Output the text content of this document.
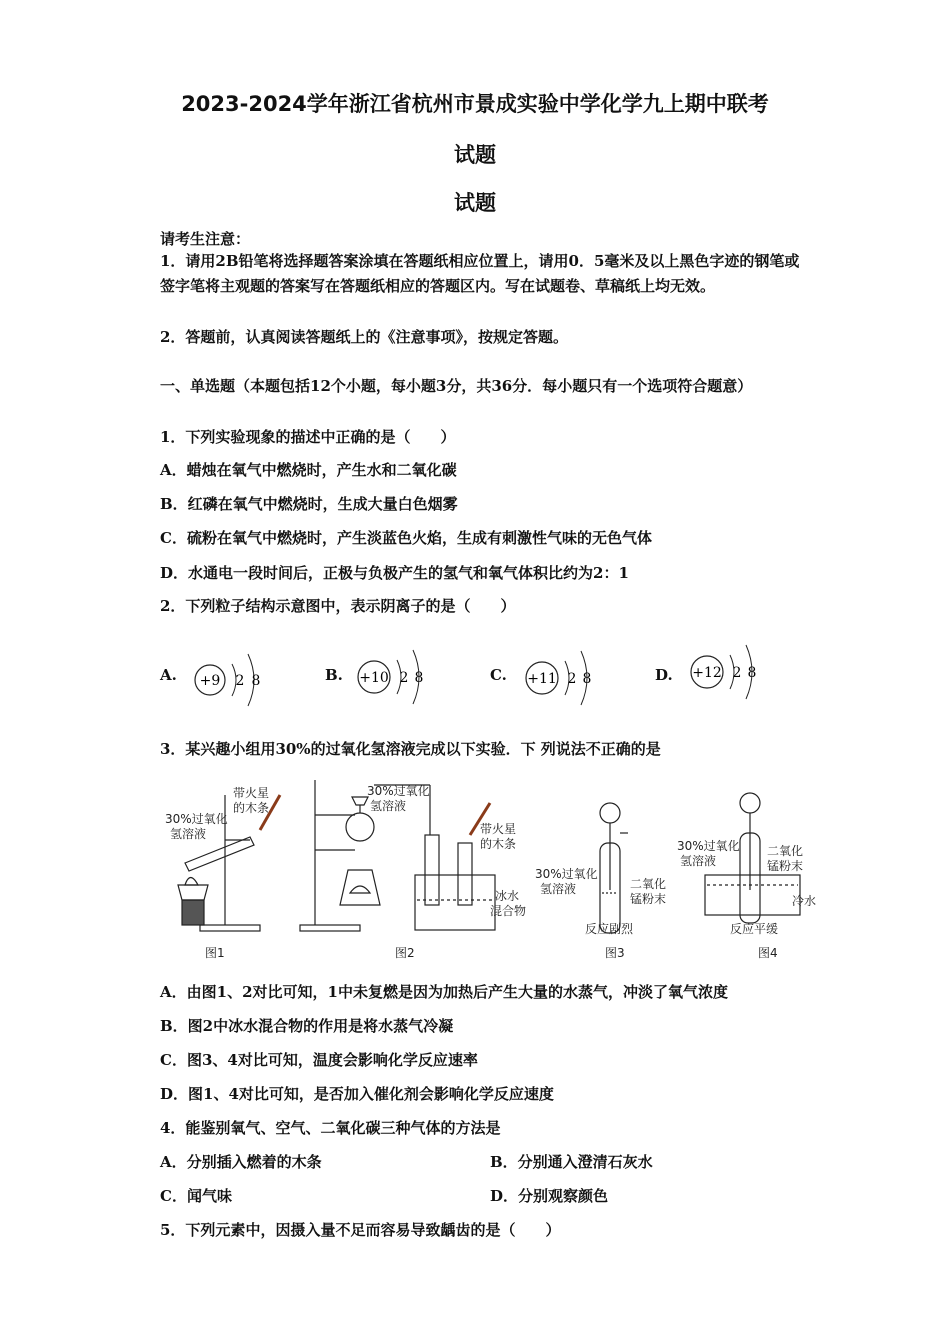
2023-2024学年浙江省杭州市景成实验中学化学九上期中联考
试题
试题
请考生注意：
1．请用2B铅笔将选择题答案涂填在答题纸相应位置上，请用0．5毫米及以上黑色字迹的钢笔或签字笔将主观题的答案写在答题纸相应的答题区内。写在试题卷、草稿纸上均无效。
2．答题前，认真阅读答题纸上的《注意事项》，按规定答题。
一、单选题（本题包括12个小题，每小题3分，共36分．每小题只有一个选项符合题意）
1．下列实验现象的描述中正确的是（　　）
A．蜡烛在氧气中燃烧时，产生水和二氧化碳
B．红磷在氧气中燃烧时，生成大量白色烟雾
C．硫粉在氧气中燃烧时，产生淡蓝色火焰，生成有刺激性气味的无色气体
D．水通电一段时间后，正极与负极产生的氢气和氧气体积比约为2：1
2．下列粒子结构示意图中，表示阴离子的是（　　）
A. +9 2 8	B. +10 2 8	C. +11 2 8	D. +12 2 8
3．某兴趣小组用30%的过氧化氢溶液完成以下实验．下 列说法不正确的是
30%过氧化
氢溶液
带火星
的木条
图1
30%过氧化
氢溶液
带火星
的木条
冰水
混合物
图2
30%过氧化
氢溶液	二氧化
锰粉末
反应剧烈
图3
30%过氧化
氢溶液
二氧化
锰粉末
冷水
反应平缓
图4
A．由图1、2对比可知，1中未复燃是因为加热后产生大量的水蒸气，冲淡了氧气浓度
B．图2中冰水混合物的作用是将水蒸气冷凝
C．图3、4对比可知，温度会影响化学反应速率
D．图1、4对比可知，是否加入催化剂会影响化学反应速度
4．能鉴别氧气、空气、二氧化碳三种气体的方法是
A．分别插入燃着的木条	B．分别通入澄清石灰水
C．闻气味	D．分别观察颜色
5．下列元素中，因摄入量不足而容易导致龋齿的是（　　）
